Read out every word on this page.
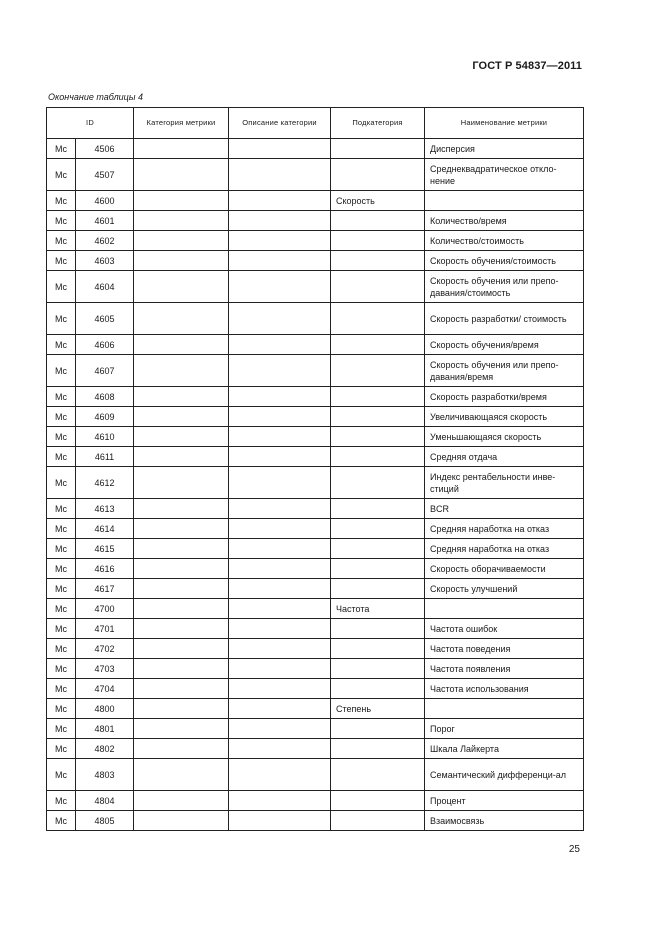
ГОСТ Р 54837—2011
Окончание таблицы 4
ID		Категория метрики	Описание категории	Подкатегория	Наименование метрики
Mc	4506				Дисперсия
Mc	4507				Среднеквадратическое откло-нение
Mc	4600			Скорость	
Mc	4601				Количество/время
Mc	4602				Количество/стоимость
Mc	4603				Скорость обучения/стоимость
Mc	4604				Скорость обучения или препо-давания/стоимость
Mc	4605				Скорость разработки/ стоимость
Mc	4606				Скорость обучения/время
Mc	4607				Скорость обучения или препо-давания/время
Mc	4608				Скорость разработки/время
Mc	4609				Увеличивающаяся скорость
Mc	4610				Уменьшающаяся скорость
Mc	4611				Средняя отдача
Mc	4612				Индекс рентабельности инве-стиций
Mc	4613				BCR
Mc	4614				Средняя наработка на отказ
Mc	4615				Средняя наработка на отказ
Mc	4616				Скорость оборачиваемости
Mc	4617				Скорость улучшений
Mc	4700			Частота	
Mc	4701				Частота ошибок
Mc	4702				Частота поведения
Mc	4703				Частота появления
Mc	4704				Частота использования
Mc	4800			Степень	
Mc	4801				Порог
Mc	4802				Шкала Лайкерта
Mc	4803				Семантический дифференци-ал
Mc	4804				Процент
Mc	4805				Взаимосвязь
25
